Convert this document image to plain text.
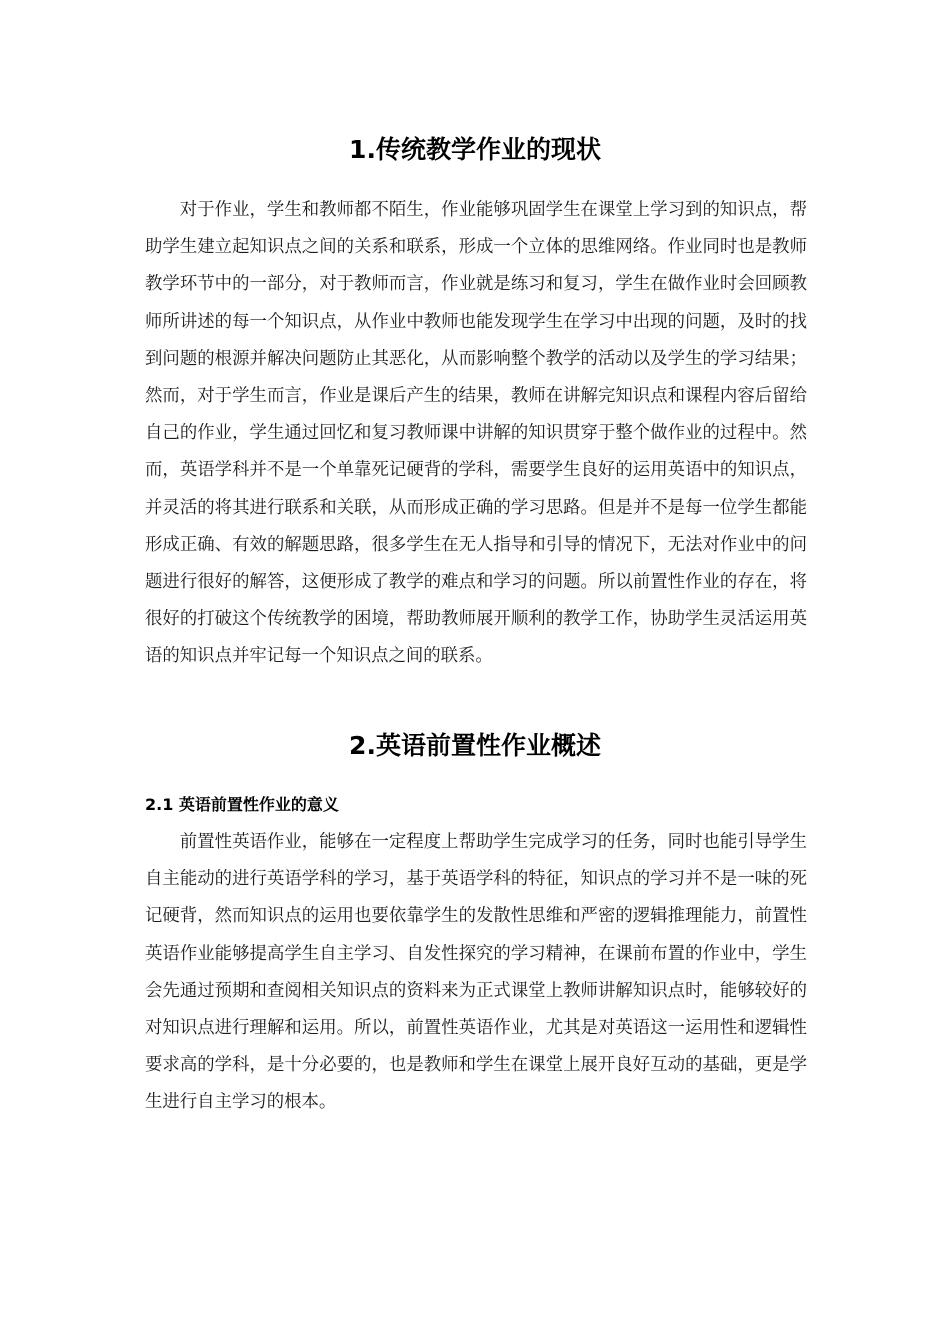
1.传统教学作业的现状

对于作业，学生和教师都不陌生，作业能够巩固学生在课堂上学习到的知识点，帮助学生建立起知识点之间的关系和联系，形成一个立体的思维网络。作业同时也是教师教学环节中的一部分，对于教师而言，作业就是练习和复习，学生在做作业时会回顾教师所讲述的每一个知识点，从作业中教师也能发现学生在学习中出现的问题，及时的找到问题的根源并解决问题防止其恶化，从而影响整个教学的活动以及学生的学习结果；然而，对于学生而言，作业是课后产生的结果，教师在讲解完知识点和课程内容后留给自己的作业，学生通过回忆和复习教师课中讲解的知识贯穿于整个做作业的过程中。然而，英语学科并不是一个单靠死记硬背的学科，需要学生良好的运用英语中的知识点，并灵活的将其进行联系和关联，从而形成正确的学习思路。但是并不是每一位学生都能形成正确、有效的解题思路，很多学生在无人指导和引导的情况下，无法对作业中的问题进行很好的解答，这便形成了教学的难点和学习的问题。所以前置性作业的存在，将很好的打破这个传统教学的困境，帮助教师展开顺利的教学工作，协助学生灵活运用英语的知识点并牢记每一个知识点之间的联系。

2.英语前置性作业概述
2.1 英语前置性作业的意义

前置性英语作业，能够在一定程度上帮助学生完成学习的任务，同时也能引导学生自主能动的进行英语学科的学习，基于英语学科的特征，知识点的学习并不是一味的死记硬背，然而知识点的运用也要依靠学生的发散性思维和严密的逻辑推理能力，前置性英语作业能够提高学生自主学习、自发性探究的学习精神，在课前布置的作业中，学生会先通过预期和查阅相关知识点的资料来为正式课堂上教师讲解知识点时，能够较好的对知识点进行理解和运用。所以，前置性英语作业，尤其是对英语这一运用性和逻辑性要求高的学科，是十分必要的，也是教师和学生在课堂上展开良好互动的基础，更是学生进行自主学习的根本。
